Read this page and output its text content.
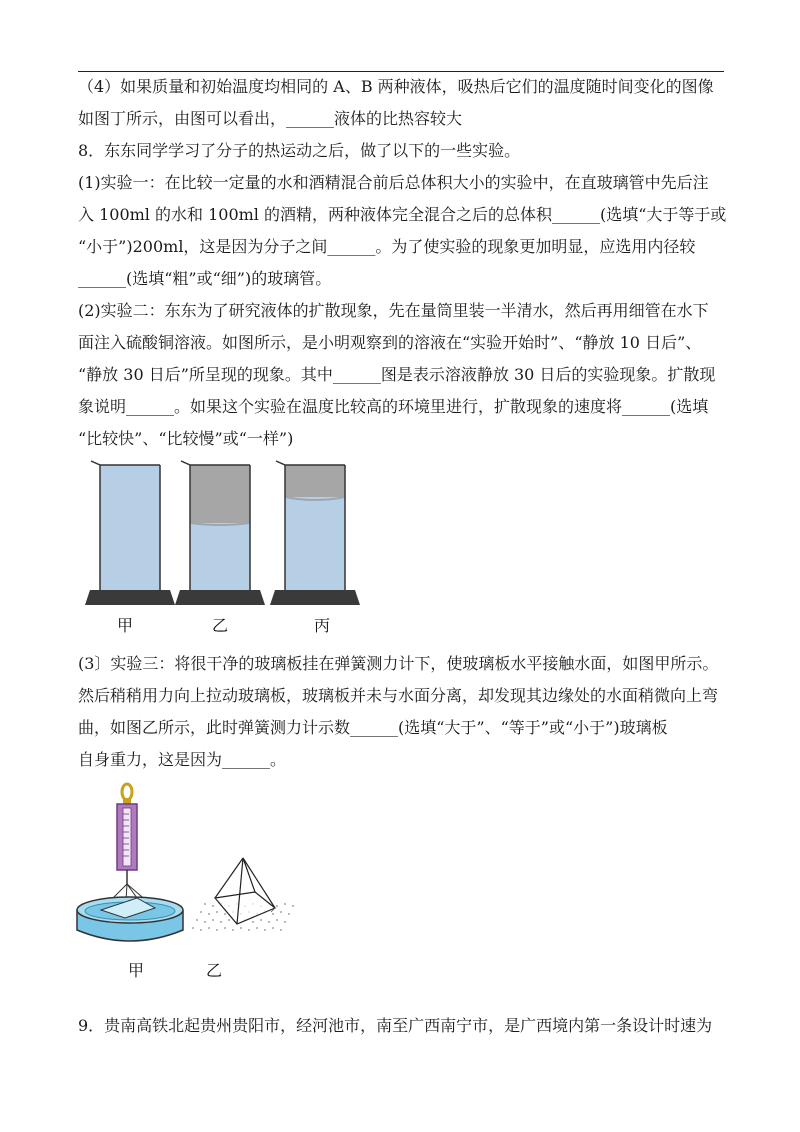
（4）如果质量和初始温度均相同的 A、B 两种液体，吸热后它们的温度随时间变化的图像
如图丁所示，由图可以看出，______液体的比热容较大
8．东东同学学习了分子的热运动之后，做了以下的一些实验。
(1)实验一：在比较一定量的水和酒精混合前后总体积大小的实验中，在直玻璃管中先后注
入 100ml 的水和 100ml 的酒精，两种液体完全混合之后的总体积______(选填“大于等于或
“小于”)200ml，这是因为分子之间______。为了使实验的现象更加明显，应选用内径较
______(选填“粗”或“细”)的玻璃管。
(2)实验二：东东为了研究液体的扩散现象，先在量筒里装一半清水，然后再用细管在水下
面注入硫酸铜溶液。如图所示，是小明观察到的溶液在“实验开始时”、“静放 10 日后”、
“静放 30 日后”所呈现的现象。其中______图是表示溶液静放 30 日后的实验现象。扩散现
象说明______。如果这个实验在温度比较高的环境里进行，扩散现象的速度将______(选填
“比较快”、“比较慢”或“一样”)
甲	乙	丙
(3〕实验三：将很干净的玻璃板挂在弹簧测力计下，使玻璃板水平接触水面，如图甲所示。
然后稍稍用力向上拉动玻璃板，玻璃板并未与水面分离，却发现其边缘处的水面稍微向上弯
曲，如图乙所示，此时弹簧测力计示数______(选填“大于”、“等于”或“小于”)玻璃板
自身重力，这是因为______。
甲	乙
9．贵南高铁北起贵州贵阳市，经河池市，南至广西南宁市，是广西境内第一条设计时速为
